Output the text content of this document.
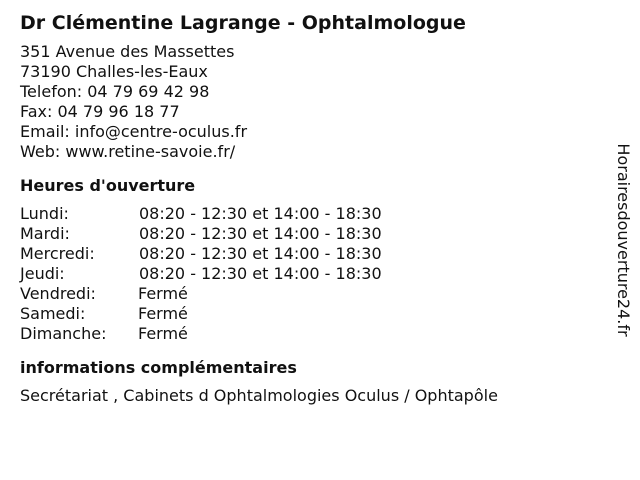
Dr Clémentine Lagrange - Ophtalmologue
351 Avenue des Massettes
73190 Challes-les-Eaux
Telefon: 04 79 69 42 98
Fax: 04 79 96 18 77
Email: info@centre-oculus.fr
Web: www.retine-savoie.fr/
Heures d'ouverture
Lundi:	08:20 - 12:30 et 14:00 - 18:30
Mardi:	08:20 - 12:30 et 14:00 - 18:30
Mercredi:	08:20 - 12:30 et 14:00 - 18:30
Jeudi:	08:20 - 12:30 et 14:00 - 18:30
Vendredi:	Fermé
Samedi:	Fermé
Dimanche:	Fermé
informations complémentaires
Secrétariat , Cabinets d Ophtalmologies Oculus / Ophtapôle
Horairesdouverture24.fr
